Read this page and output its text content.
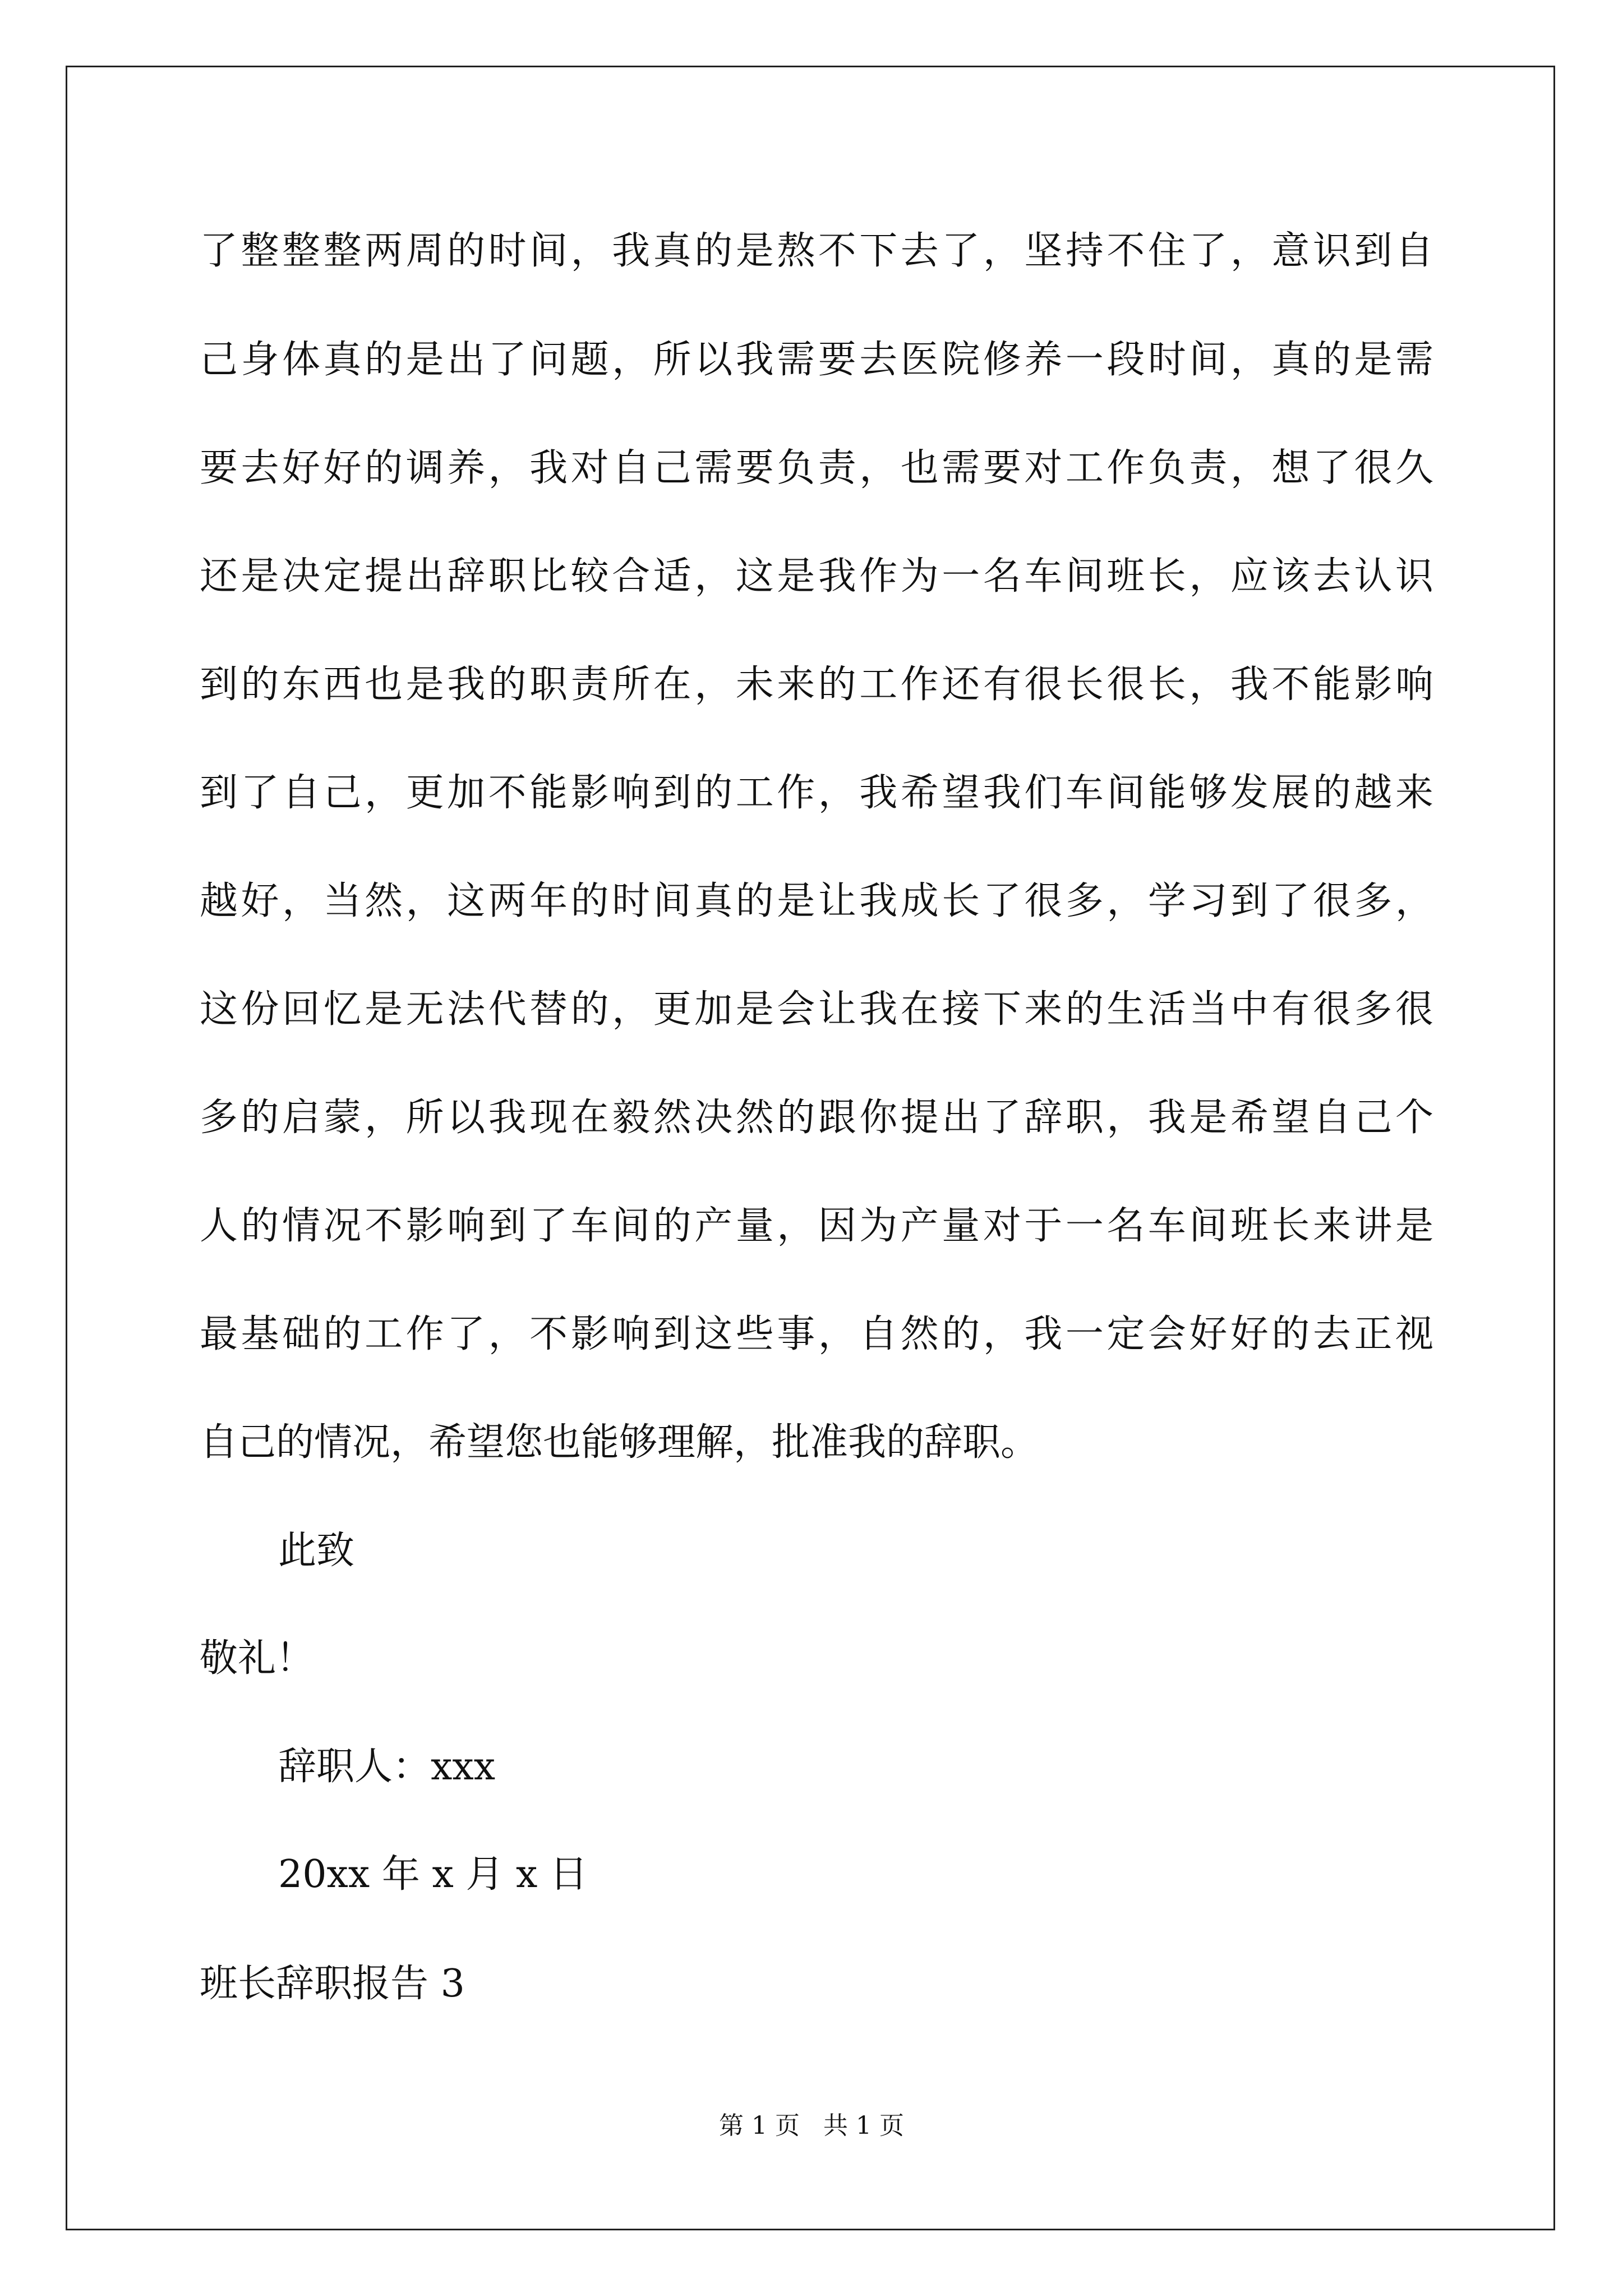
了整整整两周的时间，我真的是熬不下去了，坚持不住了，意识到自
己身体真的是出了问题，所以我需要去医院修养一段时间，真的是需
要去好好的调养，我对自己需要负责，也需要对工作负责，想了很久
还是决定提出辞职比较合适，这是我作为一名车间班长，应该去认识
到的东西也是我的职责所在，未来的工作还有很长很长，我不能影响
到了自己，更加不能影响到的工作，我希望我们车间能够发展的越来
越好，当然，这两年的时间真的是让我成长了很多，学习到了很多，
这份回忆是无法代替的，更加是会让我在接下来的生活当中有很多很
多的启蒙，所以我现在毅然决然的跟你提出了辞职，我是希望自己个
人的情况不影响到了车间的产量，因为产量对于一名车间班长来讲是
最基础的工作了，不影响到这些事，自然的，我一定会好好的去正视
自己的情况，希望您也能够理解，批准我的辞职。
此致
敬礼！
辞职人：xxx
20xx 年 x 月 x 日
班长辞职报告 3
第 1 页   共 1 页
